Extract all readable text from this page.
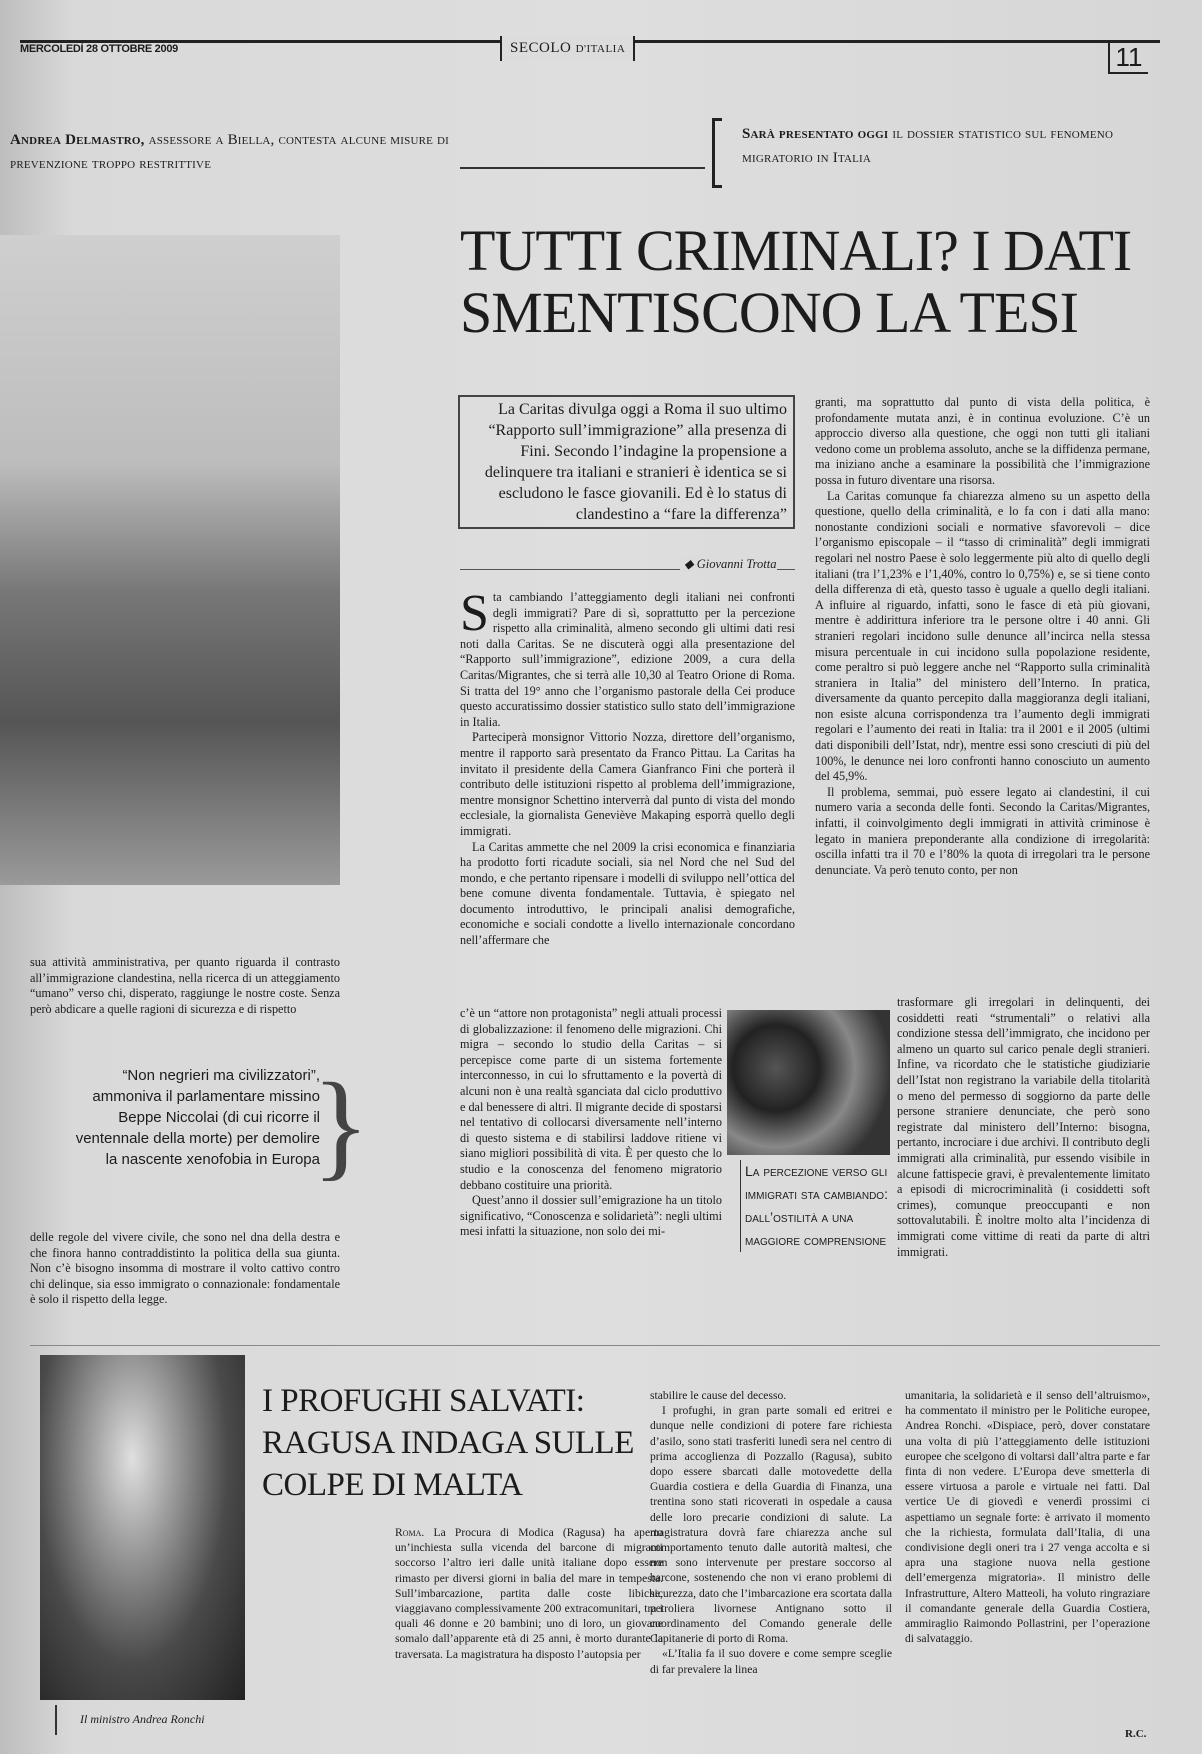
MERCOLEDÌ 28 OTTOBRE 2009	SECOLO D'ITALIA	11
Andrea Delmastro, assessore a Biella, contesta alcune misure di prevenzione troppo restrittive
Sarà presentato oggi il dossier statistico sul fenomeno migratorio in Italia
TUTTI CRIMINALI? I DATI SMENTISCONO LA TESI

sua attività amministrativa, per quanto riguarda il contrasto all’immigrazione clandestina, nella ricerca di un atteggiamento “umano” verso chi, disperato, raggiunge le nostre coste. Senza però abdicare a quelle ragioni di sicurezza e di rispetto

“Non negrieri ma civilizzatori”, ammoniva il parlamentare missino Beppe Niccolai (di cui ricorre il ventennale della morte) per demolire la nascente xenofobia in Europa
}

delle regole del vivere civile, che sono nel dna della destra e che finora hanno contraddistinto la politica della sua giunta. Non c’è bisogno insomma di mostrare il volto cattivo contro chi delinque, sia esso immigrato o connazionale: fondamentale è solo il rispetto della legge.

La Caritas divulga oggi a Roma il suo ultimo “Rapporto sull’immigrazione” alla presenza di Fini. Secondo l’indagine la propensione a delinquere tra italiani e stranieri è identica se si escludono le fasce giovanili. Ed è lo status di clandestino a “fare la differenza”
◆ Giovanni Trotta
S ta cambiando l’atteggiamento degli italiani nei confronti degli immigrati? Pare di sì, soprattutto per la percezione rispetto alla criminalità, almeno secondo gli ultimi dati resi noti dalla Caritas. Se ne discuterà oggi alla presentazione del “Rapporto sull’immigrazione”, edizione 2009, a cura della Caritas/Migrantes, che si terrà alle 10,30 al Teatro Orione di Roma. Si tratta del 19° anno che l’organismo pastorale della Cei produce questo accuratissimo dossier statistico sullo stato dell’immigrazione in Italia.

Parteciperà monsignor Vittorio Nozza, direttore dell’organismo, mentre il rapporto sarà presentato da Franco Pittau. La Caritas ha invitato il presidente della Camera Gianfranco Fini che porterà il contributo delle istituzioni rispetto al problema dell’immigrazione, mentre monsignor Schettino interverrà dal punto di vista del mondo ecclesiale, la giornalista Geneviève Makaping esporrà quello degli immigrati.

La Caritas ammette che nel 2009 la crisi economica e finanziaria ha prodotto forti ricadute sociali, sia nel Nord che nel Sud del mondo, e che pertanto ripensare i modelli di sviluppo nell’ottica del bene comune diventa fondamentale. Tuttavia, è spiegato nel documento introduttivo, le principali analisi demografiche, economiche e sociali condotte a livello internazionale concordano nell’affermare che

c’è un “attore non protagonista” negli attuali processi di globalizzazione: il fenomeno delle migrazioni. Chi migra – secondo lo studio della Caritas – si percepisce come parte di un sistema fortemente interconnesso, in cui lo sfruttamento e la povertà di alcuni non è una realtà sganciata dal ciclo produttivo e dal benessere di altri. Il migrante decide di spostarsi nel tentativo di collocarsi diversamente nell’interno di questo sistema e di stabilirsi laddove ritiene vi siano migliori possibilità di vita. È per questo che lo studio e la conoscenza del fenomeno migratorio debbano costituire una priorità.

Quest’anno il dossier sull’emigrazione ha un titolo significativo, “Conoscenza e solidarietà”: negli ultimi mesi infatti la situazione, non solo dei mi-

granti, ma soprattutto dal punto di vista della politica, è profondamente mutata anzi, è in continua evoluzione. C’è un approccio diverso alla questione, che oggi non tutti gli italiani vedono come un problema assoluto, anche se la diffidenza permane, ma iniziano anche a esaminare la possibilità che l’immigrazione possa in futuro diventare una risorsa.

La Caritas comunque fa chiarezza almeno su un aspetto della questione, quello della criminalità, e lo fa con i dati alla mano: nonostante condizioni sociali e normative sfavorevoli – dice l’organismo episcopale – il “tasso di criminalità” degli immigrati regolari nel nostro Paese è solo leggermente più alto di quello degli italiani (tra l’1,23% e l’1,40%, contro lo 0,75%) e, se si tiene conto della differenza di età, questo tasso è uguale a quello degli italiani. A influire al riguardo, infatti, sono le fasce di età più giovani, mentre è addirittura inferiore tra le persone oltre i 40 anni. Gli stranieri regolari incidono sulle denunce all’incirca nella stessa misura percentuale in cui incidono sulla popolazione residente, come peraltro si può leggere anche nel “Rapporto sulla criminalità straniera in Italia” del ministero dell’Interno. In pratica, diversamente da quanto percepito dalla maggioranza degli italiani, non esiste alcuna corrispondenza tra l’aumento degli immigrati regolari e l’aumento dei reati in Italia: tra il 2001 e il 2005 (ultimi dati disponibili dell’Istat, ndr), mentre essi sono cresciuti di più del 100%, le denunce nei loro confronti hanno conosciuto un aumento del 45,9%.

Il problema, semmai, può essere legato ai clandestini, il cui numero varia a seconda delle fonti. Secondo la Caritas/Migrantes, infatti, il coinvolgimento degli immigrati in attività criminose è legato in maniera preponderante alla condizione di irregolarità: oscilla infatti tra il 70 e l’80% la quota di irregolari tra le persone denunciate. Va però tenuto conto, per non

trasformare gli irregolari in delinquenti, dei cosiddetti reati “strumentali” o relativi alla condizione stessa dell’immigrato, che incidono per almeno un quarto sul carico penale degli stranieri. Infine, va ricordato che le statistiche giudiziarie dell’Istat non registrano la variabile della titolarità o meno del permesso di soggiorno da parte delle persone straniere denunciate, che però sono registrate dal ministero dell’Interno: bisogna, pertanto, incrociare i due archivi. Il contributo degli immigrati alla criminalità, pur essendo visibile in alcune fattispecie gravi, è prevalentemente limitato a episodi di microcriminalità (i cosiddetti soft crimes), comunque preoccupanti e non sottovalutabili. È inoltre molto alta l’incidenza di immigrati come vittime di reati da parte di altri immigrati.

La percezione verso gli immigrati sta cambiando: dall’ostilità a una maggiore comprensione
Il ministro Andrea Ronchi
I PROFUGHI SALVATI: RAGUSA INDAGA SULLE COLPE DI MALTA

Roma. La Procura di Modica (Ragusa) ha aperto un’inchiesta sulla vicenda del barcone di migranti soccorso l’altro ieri dalle unità italiane dopo essere rimasto per diversi giorni in balia del mare in tempesta. Sull’imbarcazione, partita dalle coste libiche, viaggiavano complessivamente 200 extracomunitari, tra i quali 46 donne e 20 bambini; uno di loro, un giovane somalo dall’apparente età di 25 anni, è morto durante la traversata. La magistratura ha disposto l’autopsia per

stabilire le cause del decesso.

I profughi, in gran parte somali ed eritrei e dunque nelle condizioni di potere fare richiesta d’asilo, sono stati trasferiti lunedì sera nel centro di prima accoglienza di Pozzallo (Ragusa), subito dopo essere sbarcati dalle motovedette della Guardia costiera e della Guardia di Finanza, una trentina sono stati ricoverati in ospedale a causa delle loro precarie condizioni di salute. La magistratura dovrà fare chiarezza anche sul comportamento tenuto dalle autorità maltesi, che non sono intervenute per prestare soccorso al barcone, sostenendo che non vi erano problemi di sicurezza, dato che l’imbarcazione era scortata dalla petroliera livornese Antignano sotto il coordinamento del Comando generale delle Capitanerie di porto di Roma.

«L’Italia fa il suo dovere e come sempre sceglie di far prevalere la linea

umanitaria, la solidarietà e il senso dell’altruismo», ha commentato il ministro per le Politiche europee, Andrea Ronchi. «Dispiace, però, dover constatare una volta di più l’atteggiamento delle istituzioni europee che scelgono di voltarsi dall’altra parte e far finta di non vedere. L’Europa deve smetterla di essere virtuosa a parole e virtuale nei fatti. Dal vertice Ue di giovedì e venerdì prossimi ci aspettiamo un segnale forte: è arrivato il momento che la richiesta, formulata dall’Italia, di una condivisione degli oneri tra i 27 venga accolta e si apra una stagione nuova nella gestione dell’emergenza migratoria». Il ministro delle Infrastrutture, Altero Matteoli, ha voluto ringraziare il comandante generale della Guardia Costiera, ammiraglio Raimondo Pollastrini, per l’operazione di salvataggio.

R.C.
